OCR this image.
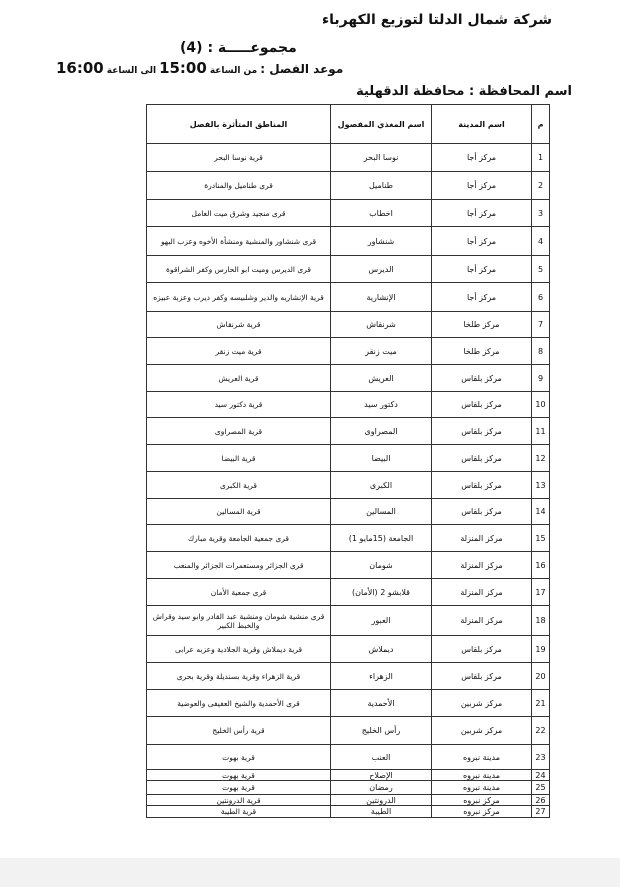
شركة شمال الدلتا لتوزيع الكهرباء
مجموعـــــة : (4)
موعد الفصل :
من الساعة
15:00
الى الساعة
16:00
اسم المحافظة : محافظة الدقهلية
م	اسم المدينة	اسم المغذي المفصول	المناطق المتأثرة بالفصل
1	مركز أجا	نوسا البحر	قرية نوسا البحر
2	مركز أجا	طناميل	قرى طناميل والمنادرة
3	مركز أجا	اخطاب	قرى منجيد وشرق ميت العامل
4	مركز أجا	شنشاور	قرى شنشاور والمنشية ومنشأة الأخوه وعزب البهو
5	مركز أجا	الديرس	قرى الديرس وميت ابو الحارس وكفر الشراقوة
6	مركز أجا	الإنشارية	قرية الإنشاريه والدير وشلبيسه وكفر ديرب وعزبة عبيزه
7	مركز طلخا	شرنقاش	قرية شرنقاش
8	مركز طلخا	ميت زنقر	قرية ميت زنقر
9	مركز بلقاس	العريش	قرية العريش
10	مركز بلقاس	دكتور سيد	قرية دكتور سيد
11	مركز بلقاس	المصراوى	قرية المصراوى
12	مركز بلقاس	البيضا	قرية البيضا
13	مركز بلقاس	الكبرى	قرية الكبرى
14	مركز بلقاس	المسالين	قرية المسالين
15	مركز المنزلة	الجامعة (15مايو 1)	قرى جمعية الجامعة وقرية مبارك
16	مركز المنزلة	شومان	قرى الجزائر ومستعمرات الجزائر والمنعب
17	مركز المنزلة	قلابشو 2 (الأمان)	قرى جمعية الأمان
18	مركز المنزلة	العبور	قرى منشية شومان ومنشية عبد القادر وابو سيد وقراش والخبط الكبير
19	مركز بلقاس	ديملاش	قرية ديملاش وقرية الجلادية وعزبه عرابى
20	مركز بلقاس	الزهراء	قرية الزهراء وقرية بسنديلة وقرية بحرى
21	مركز شربين	الأحمدية	قرى الأحمدية والشيخ العفيفى والعوضية
22	مركز شربين	رأس الخليج	قرية رأس الخليج
23	مدينة نبروه	العنب	قرية بهوت
24	مدينة نبروه	الإصلاح	قرية بهوت
25	مدينة نبروه	رمضان	قرية بهوت
26	مركز نبروه	الدرونتين	قرية الدرونتين
27	مركز نبروه	الطيبة	قرية الطيبة
